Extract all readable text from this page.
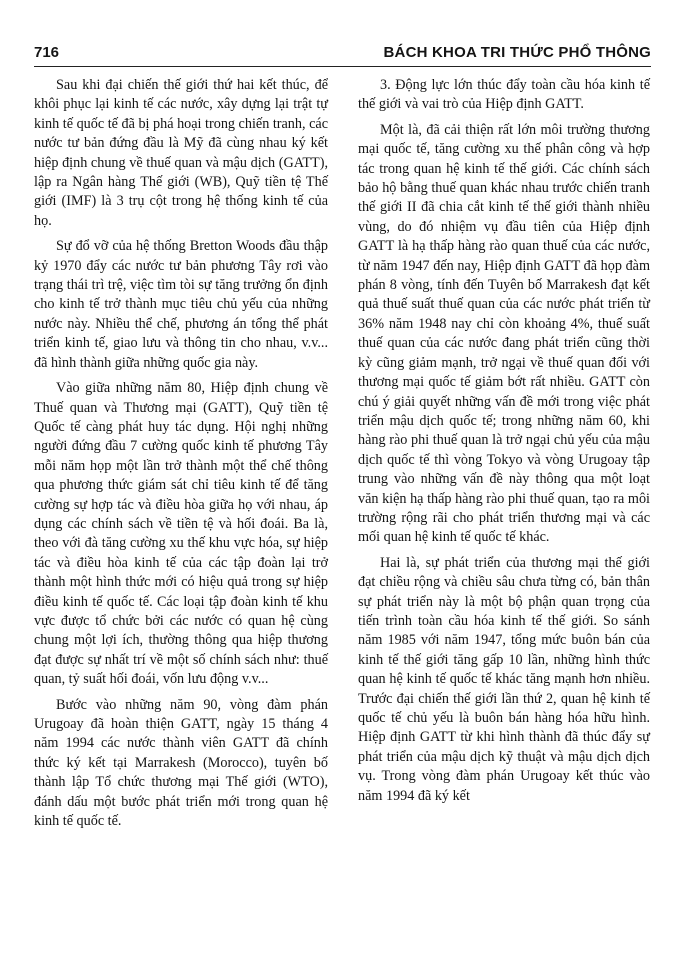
716	BÁCH KHOA TRI THỨC PHỔ THÔNG

Sau khi đại chiến thế giới thứ hai kết thúc, để khôi phục lại kinh tế các nước, xây dựng lại trật tự kinh tế quốc tế đã bị phá hoại trong chiến tranh, các nước tư bản đứng đầu là Mỹ đã cùng nhau ký kết hiệp định chung về thuế quan và mậu dịch (GATT), lập ra Ngân hàng Thế giới (WB), Quỹ tiền tệ Thế giới (IMF) là 3 trụ cột trong hệ thống kinh tế của họ.

Sự đổ vỡ của hệ thống Bretton Woods đầu thập kỷ 1970 đẩy các nước tư bản phương Tây rơi vào trạng thái trì trệ, việc tìm tòi sự tăng trưởng ổn định cho kinh tế trở thành mục tiêu chủ yếu của những nước này. Nhiều thể chế, phương án tổng thể phát triển kinh tế, giao lưu và thông tin cho nhau, v.v... đã hình thành giữa những quốc gia này.

Vào giữa những năm 80, Hiệp định chung về Thuế quan và Thương mại (GATT), Quỹ tiền tệ Quốc tế càng phát huy tác dụng. Hội nghị những người đứng đầu 7 cường quốc kinh tế phương Tây mỗi năm họp một lần trở thành một thể chế thông qua phương thức giám sát chỉ tiêu kinh tế để tăng cường sự hợp tác và điều hòa giữa họ với nhau, áp dụng các chính sách về tiền tệ và hối đoái. Ba là, theo với đà tăng cường xu thế khu vực hóa, sự hiệp tác và điều hòa kinh tế của các tập đoàn lại trở thành một hình thức mới có hiệu quả trong sự hiệp điều kinh tế quốc tế. Các loại tập đoàn kinh tế khu vực được tổ chức bởi các nước có quan hệ cùng chung một lợi ích, thường thông qua hiệp thương đạt được sự nhất trí về một số chính sách như: thuế quan, tỷ suất hối đoái, vốn lưu động v.v...

Bước vào những năm 90, vòng đàm phán Urugoay đã hoàn thiện GATT, ngày 15 tháng 4 năm 1994 các nước thành viên GATT đã chính thức ký kết tại Marrakesh (Morocco), tuyên bố thành lập Tổ chức thương mại Thế giới (WTO), đánh dấu một bước phát triển mới trong quan hệ kinh tế quốc tế.

3. Động lực lớn thúc đẩy toàn cầu hóa kinh tế thế giới và vai trò của Hiệp định GATT.

Một là, đã cải thiện rất lớn môi trường thương mại quốc tế, tăng cường xu thế phân công và hợp tác trong quan hệ kinh tế thế giới. Các chính sách bảo hộ bằng thuế quan khác nhau trước chiến tranh thế giới II đã chia cắt kinh tế thế giới thành nhiều vùng, do đó nhiệm vụ đầu tiên của Hiệp định GATT là hạ thấp hàng rào quan thuế của các nước, từ năm 1947 đến nay, Hiệp định GATT đã họp đàm phán 8 vòng, tính đến Tuyên bố Marrakesh đạt kết quả thuế suất thuế quan của các nước phát triển từ 36% năm 1948 nay chỉ còn khoảng 4%, thuế suất thuế quan của các nước đang phát triển cũng thời kỳ cũng giảm mạnh, trở ngại về thuế quan đối với thương mại quốc tế giảm bớt rất nhiều. GATT còn chú ý giải quyết những vấn đề mới trong việc phát triển mậu dịch quốc tế; trong những năm 60, khi hàng rào phi thuế quan là trở ngại chủ yếu của mậu dịch quốc tế thì vòng Tokyo và vòng Urugoay tập trung vào những vấn đề này thông qua một loạt văn kiện hạ thấp hàng rào phi thuế quan, tạo ra môi trường rộng rãi cho phát triển thương mại và các mối quan hệ kinh tế quốc tế khác.

Hai là, sự phát triển của thương mại thế giới đạt chiều rộng và chiều sâu chưa từng có, bản thân sự phát triển này là một bộ phận quan trọng của tiến trình toàn cầu hóa kinh tế thế giới. So sánh năm 1985 với năm 1947, tổng mức buôn bán của kinh tế thế giới tăng gấp 10 lần, những hình thức quan hệ kinh tế quốc tế khác tăng mạnh hơn nhiều. Trước đại chiến thế giới lần thứ 2, quan hệ kinh tế quốc tế chủ yếu là buôn bán hàng hóa hữu hình. Hiệp định GATT từ khi hình thành đã thúc đẩy sự phát triển của mậu dịch kỹ thuật và mậu dịch dịch vụ. Trong vòng đàm phán Urugoay kết thúc vào năm 1994 đã ký kết
